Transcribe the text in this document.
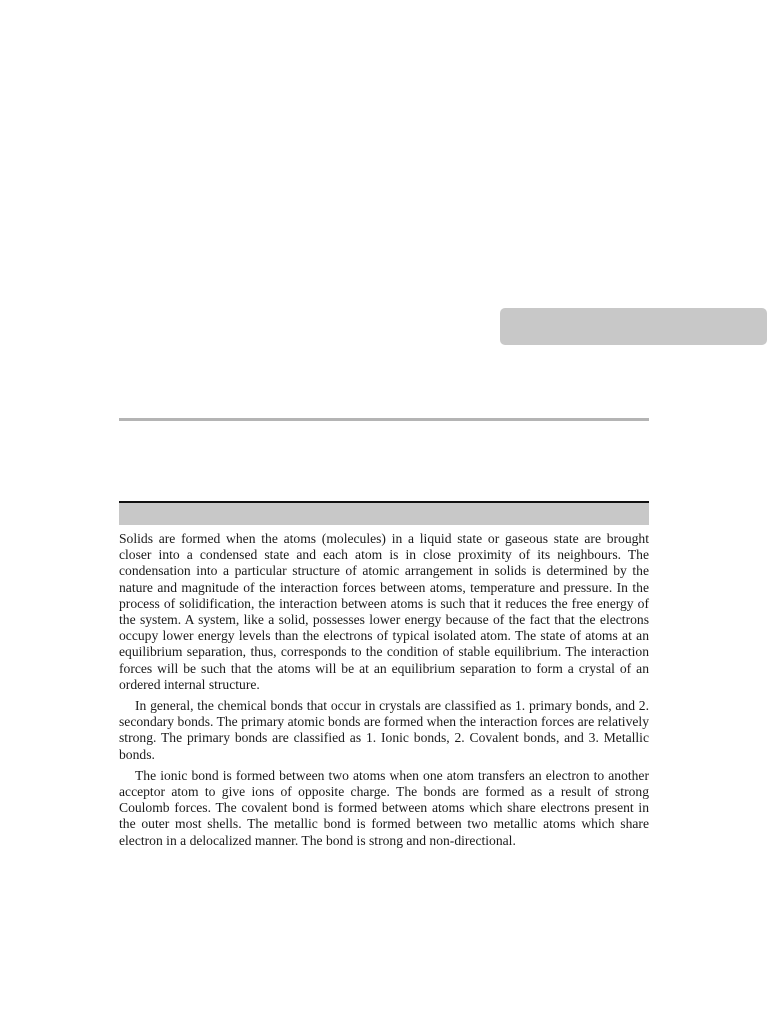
Solids are formed when the atoms (molecules) in a liquid state or gaseous state are brought closer into a condensed state and each atom is in close proximity of its neighbours. The condensation into a particular structure of atomic arrangement in solids is determined by the nature and magnitude of the interaction forces between atoms, temperature and pressure. In the process of solidification, the interaction between atoms is such that it reduces the free energy of the system. A system, like a solid, possesses lower energy because of the fact that the electrons occupy lower energy levels than the electrons of typical isolated atom. The state of atoms at an equilibrium separation, thus, corresponds to the condition of stable equilibrium. The interaction forces will be such that the atoms will be at an equilibrium separation to form a crystal of an ordered internal structure.

In general, the chemical bonds that occur in crystals are classified as 1. primary bonds, and 2. secondary bonds. The primary atomic bonds are formed when the interaction forces are relatively strong. The primary bonds are classified as 1. Ionic bonds, 2. Covalent bonds, and 3. Metallic bonds.

The ionic bond is formed between two atoms when one atom transfers an electron to another acceptor atom to give ions of opposite charge. The bonds are formed as a result of strong Coulomb forces. The covalent bond is formed between atoms which share electrons present in the outer most shells. The metallic bond is formed between two metallic atoms which share electron in a delocalized manner. The bond is strong and non-directional.
